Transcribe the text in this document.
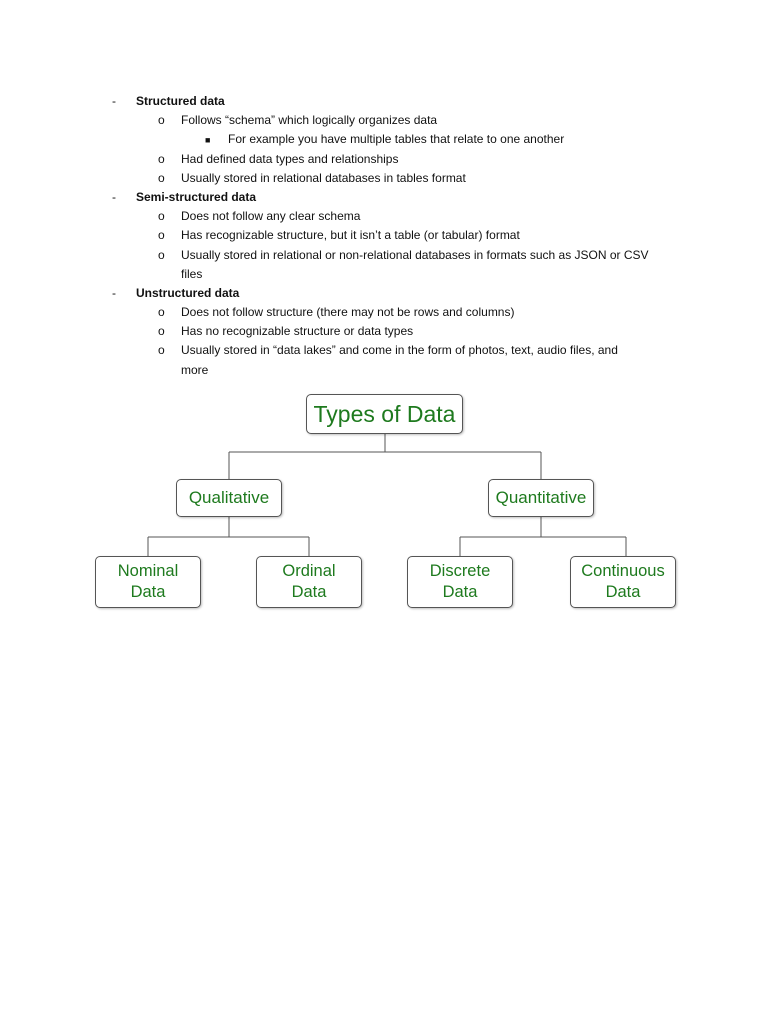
- Structured data
o Follows “schema” which logically organizes data
■ For example you have multiple tables that relate to one another
o Had defined data types and relationships
o Usually stored in relational databases in tables format
- Semi-structured data
o Does not follow any clear schema
o Has recognizable structure, but it isn’t a table (or tabular) format
o Usually stored in relational or non-relational databases in formats such as JSON or CSV
files
- Unstructured data
o Does not follow structure (there may not be rows and columns)
o Has no recognizable structure or data types
o Usually stored in “data lakes” and come in the form of photos, text, audio files, and
more
Types of Data
Qualitative	Quantitative
Nominal
Data
Ordinal
Data
Discrete
Data
Continuous
Data
